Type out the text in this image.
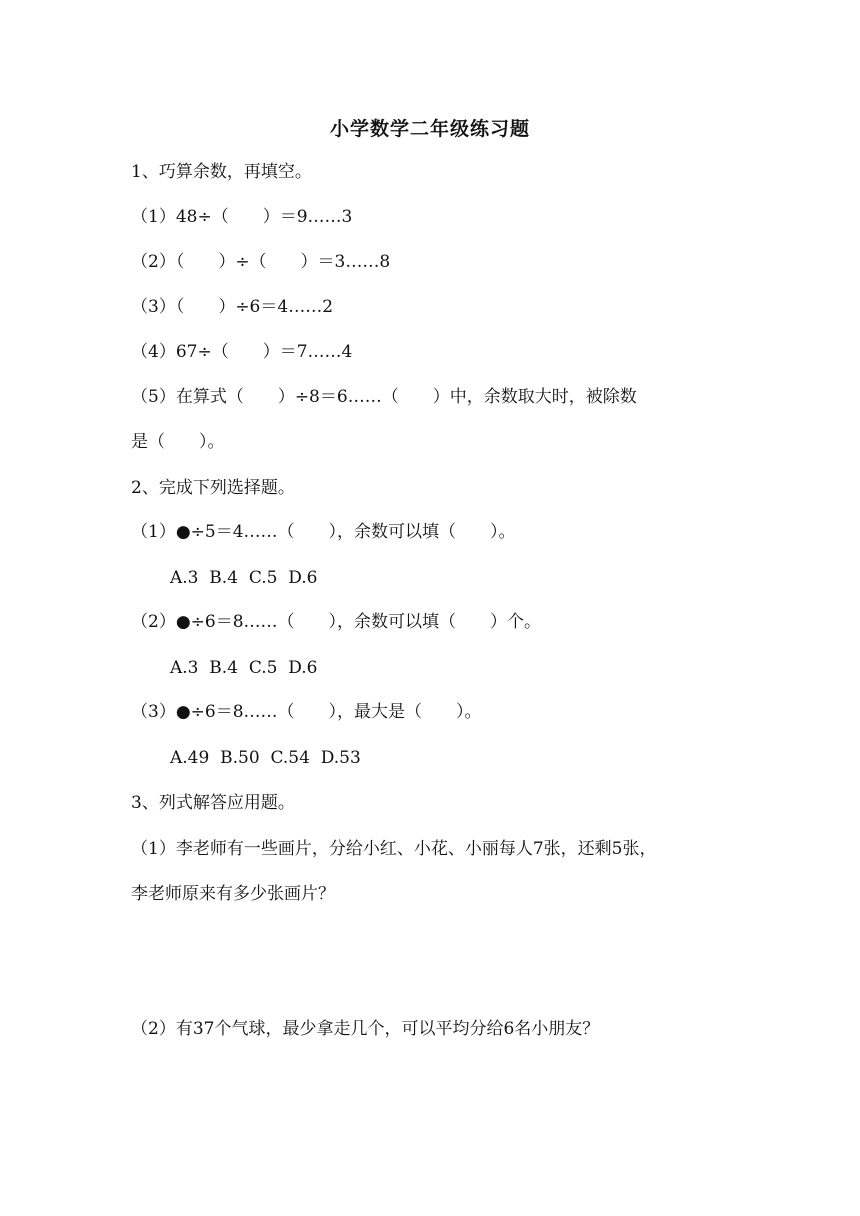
小学数学二年级练习题
1、巧算余数，再填空。
（1）48÷（　　）＝9……3
（2）（　　）÷（　　）＝3……8
（3）（　　）÷6＝4……2
（4）67÷（　　）＝7……4
（5）在算式（　　）÷8＝6……（　　）中，余数取大时，被除数
是（　　）。
2、完成下列选择题。
（1）●÷5＝4……（　　），余数可以填（　　）。
A.3  B.4  C.5  D.6
（2）●÷6＝8……（　　），余数可以填（　　）个。
A.3  B.4  C.5  D.6
（3）●÷6＝8……（　　），最大是（　　）。
A.49  B.50  C.54  D.53
3、列式解答应用题。
（1）李老师有一些画片，分给小红、小花、小丽每人7张，还剩5张，
李老师原来有多少张画片？
（2）有37个气球，最少拿走几个，可以平均分给6名小朋友？
